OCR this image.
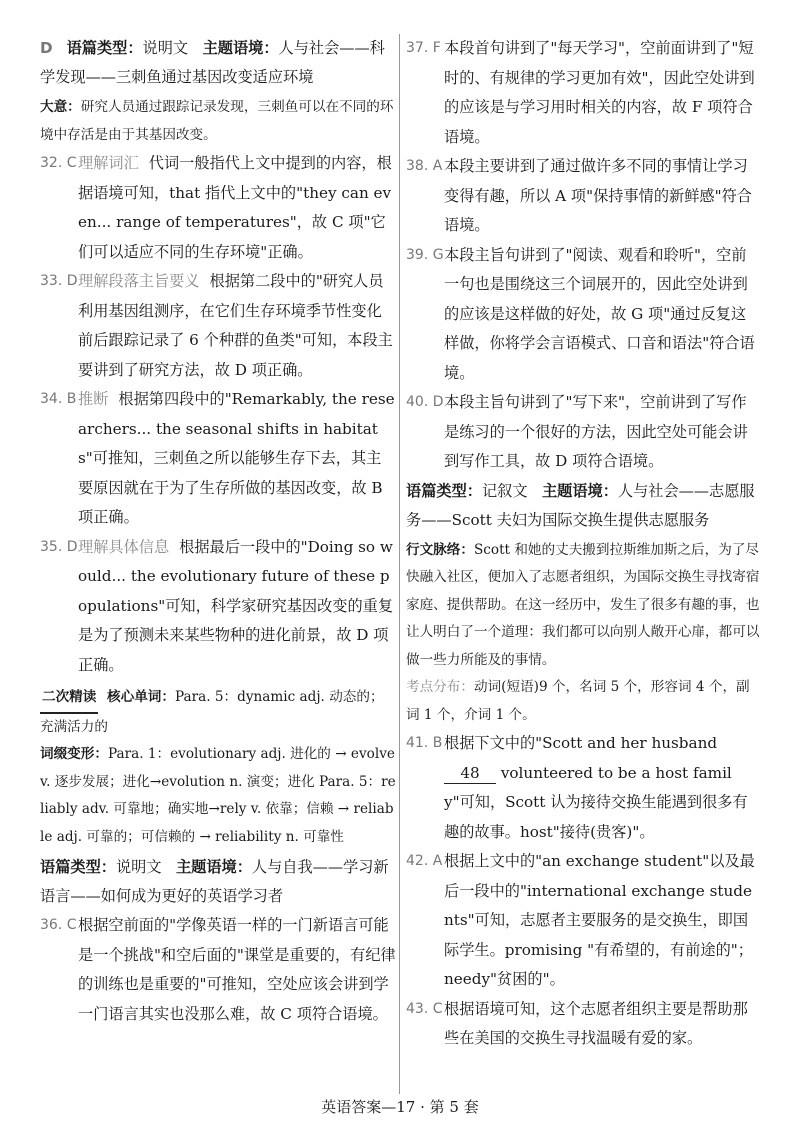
D 语篇类型：说明文 主题语境：人与社会——科学发现——三刺鱼通过基因改变适应环境

大意：研究人员通过跟踪记录发现，三刺鱼可以在不同的环境中存活是由于其基因改变。

32. C 理解词汇 代词一般指代上文中提到的内容，根据语境可知，that 指代上文中的"they can even... range of temperatures"，故 C 项"它们可以适应不同的生存环境"正确。

33. D 理解段落主旨要义 根据第二段中的"研究人员利用基因组测序，在它们生存环境季节性变化前后跟踪记录了 6 个种群的鱼类"可知，本段主要讲到了研究方法，故 D 项正确。

34. B 推断 根据第四段中的"Remarkably, the researchers... the seasonal shifts in habitats"可推知，三刺鱼之所以能够生存下去，其主要原因就在于为了生存所做的基因改变，故 B 项正确。

35. D 理解具体信息 根据最后一段中的"Doing so would... the evolutionary future of these populations"可知，科学家研究基因改变的重复是为了预测未来某些物种的进化前景，故 D 项正确。

二次精读 核心单词：Para. 5：dynamic adj. 动态的；充满活力的

词缀变形：Para. 1：evolutionary adj. 进化的 → evolve v. 逐步发展；进化→evolution n. 演变；进化 Para. 5：reliably adv. 可靠地；确实地→rely v. 依靠；信赖 → reliable adj. 可靠的；可信赖的 → reliability n. 可靠性

语篇类型：说明文 主题语境：人与自我——学习新语言——如何成为更好的英语学习者

36. C 根据空前面的"学像英语一样的一门新语言可能是一个挑战"和空后面的"课堂是重要的，有纪律的训练也是重要的"可推知，空处应该会讲到学一门语言其实也没那么难，故 C 项符合语境。

37. F 本段首句讲到了"每天学习"，空前面讲到了"短时的、有规律的学习更加有效"，因此空处讲到的应该是与学习用时相关的内容，故 F 项符合语境。

38. A 本段主要讲到了通过做许多不同的事情让学习变得有趣，所以 A 项"保持事情的新鲜感"符合语境。

39. G 本段主旨句讲到了"阅读、观看和聆听"，空前一句也是围绕这三个词展开的，因此空处讲到的应该是这样做的好处，故 G 项"通过反复这样做，你将学会言语模式、口音和语法"符合语境。

40. D 本段主旨句讲到了"写下来"，空前讲到了写作是练习的一个很好的方法，因此空处可能会讲到写作工具，故 D 项符合语境。

语篇类型：记叙文 主题语境：人与社会——志愿服务——Scott 夫妇为国际交换生提供志愿服务

行文脉络：Scott 和她的丈夫搬到拉斯维加斯之后，为了尽快融入社区，便加入了志愿者组织，为国际交换生寻找寄宿家庭、提供帮助。在这一经历中，发生了很多有趣的事，也让人明白了一个道理：我们都可以向别人敞开心扉，都可以做一些力所能及的事情。

考点分布：动词(短语)9 个，名词 5 个，形容词 4 个，副词 1 个，介词 1 个。

41. B 根据下文中的"Scott and her husband 48 volunteered to be a host family"可知，Scott 认为接待交换生能遇到很多有趣的故事。host"接待(贵客)"。

42. A 根据上文中的"an exchange student"以及最后一段中的"international exchange students"可知，志愿者主要服务的是交换生，即国际学生。promising "有希望的，有前途的"；needy"贫困的"。

43. C 根据语境可知，这个志愿者组织主要是帮助那些在美国的交换生寻找温暖有爱的家。

英语答案—17 · 第 5 套
